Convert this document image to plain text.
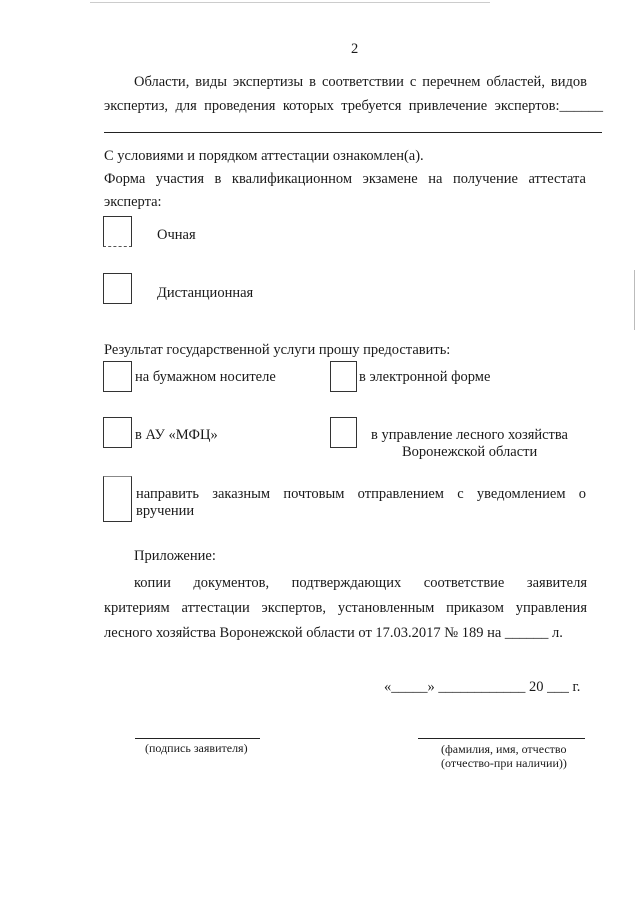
2
Области, виды экспертизы в соответствии с перечнем областей, видов
экспертиз, для проведения которых требуется привлечение экспертов:______
С условиями и порядком аттестации ознакомлен(а).
Форма участия в квалификационном экзамене на получение аттестата
эксперта:
Очная
Дистанционная
Результат государственной услуги прошу предоставить:
на бумажном носителе	в электронной форме
в АУ «МФЦ»	в управление лесного хозяйства
Воронежской области
направить заказным почтовым отправлением с уведомлением о
вручении
Приложение:
копии документов, подтверждающих соответствие заявителя
критериям аттестации экспертов, установленным приказом управления
лесного хозяйства Воронежской области от 17.03.2017 № 189 на ______ л.
«_____» ____________ 20 ___ г.
(подпись заявителя)	(фамилия, имя, отчество
(отчество-при наличии))
